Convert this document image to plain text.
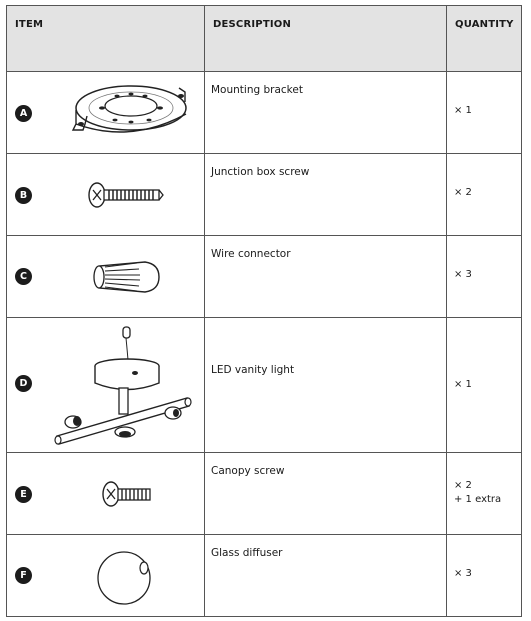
ITEM	DESCRIPTION	QUANTITY
A
Mounting bracket
× 1
B
Junction box screw
× 2
C
Wire connector
× 3
D
LED vanity light
× 1
E
Canopy screw
× 2
+ 1 extra
F
Glass diffuser
× 3
